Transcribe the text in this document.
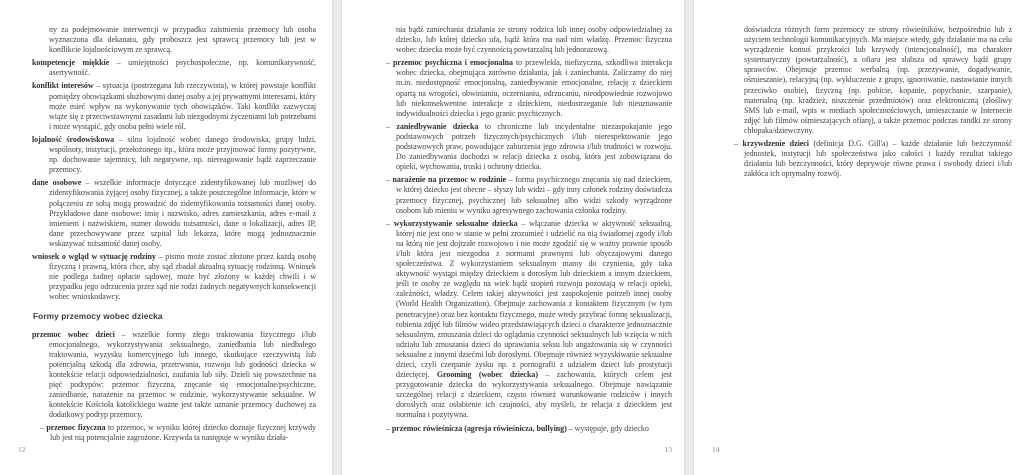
ny za podejmowanie interwencji w przypadku zaistnienia przemocy lub osoba wyznaczona dla dekanatu, gdy proboszcz jest sprawcą przemocy lub jest w konflikcie lojalnościowym ze sprawcą.

kompetencje miękkie – umiejętności psychospołeczne, np. komunikatywność, asertywność.

konflikt interesów – sytuacja (postrzegana lub rzeczywista), w której powstaje konflikt pomiędzy obowiązkami służbowymi danej osoby a jej prywatnymi interesami, który może mieć wpływ na wykonywanie tych obowiązków. Taki konflikt zazwyczaj wiąże się z przeciwstawnymi zasadami lub niezgodnymi życzeniami lub potrzebami i może wystąpić, gdy osoba pełni wiele ról.

lojalność środowiskowa – silna lojalność wobec danego środowiska, grupy ludzi, wspólnoty, instytucji, przełożonego itp., która może przyjmować formy pozytywne, np. dochowanie tajemnicy, lub negatywne, np. niereagowanie bądź zaprzeczanie przemocy.

dane osobowe – wszelkie informacje dotyczące zidentyfikowanej lub możliwej do zidentyfikowania żyjącej osoby fizycznej, a także poszczególne informacje, które w połączeniu ze sobą mogą prowadzić do zidentyfikowania tożsamości danej osoby. Przykładowe dane osobowe: imię i nazwisko, adres zamieszkania, adres e-mail z imieniem i nazwiskiem, numer dowodu tożsamości, dane o lokalizacji, adres IP, dane przechowywane przez szpital lub lekarza, które mogą jednoznacznie wskazywać tożsamość danej osoby.

wniosek o wgląd w sytuację rodziny – pismo może zostać złożone przez każdą osobę fizyczną i prawną, która chce, aby sąd zbadał aktualną sytuację rodzinną. Wniosek nie podlega żadnej opłacie sądowej, może być złożony w każdej chwili i w przypadku jego odrzucenia przez sąd nie rodzi żadnych negatywnych konsekwencji wobec wnioskodawcy.

Formy przemocy wobec dziecka

przemoc wobec dzieci – wszelkie formy złego traktowania fizycznego i/lub emocjonalnego, wykorzystywania seksualnego, zaniedbania lub niedbałego traktowania, wyzysku komercyjnego lub innego, skutkujące rzeczywistą lub potencjalną szkodą dla zdrowia, przetrwania, rozwoju lub godności dziecka w kontekście relacji odpowiedzialności, zaufania lub siły. Dzieli się powszechnie na pięć podtypów: przemoc fizyczna, znęcanie się emocjonalne/psychiczne, zaniedbanie, narażenie na przemoc w rodzinie, wykorzystywanie seksualne. W kontekście Kościoła katolickiego ważne jest także uznanie przemocy duchowej za dodatkowy podtyp przemocy.

– przemoc fizyczna to przemoc, w wyniku której dziecko doznaje fizycznej krzywdy lub jest nią potencjalnie zagrożone. Krzywda ta następuje w wyniku działa-

12

nia bądź zaniechania działania ze strony rodzica lub innej osoby odpowiedzialnej za dziecko, lub której dziecko ufa, bądź która ma nad nim władzę. Przemoc fizyczna wobec dziecka może być czynnością powtarzalną lub jednorazową.

– przemoc psychiczna i emocjonalna to przewlekła, niefizyczna, szkodliwa interakcja wobec dziecka, obejmująca zarówno działania, jak i zaniechania. Zaliczamy do niej m.in. niedostępność emocjonalną, zaniedbywanie emocjonalne, relację z dzieckiem opartą na wrogości, obwinianiu, oczernianiu, odrzucaniu, nieodpowiednie rozwojowo lub niekonsekwentne interakcje z dzieckiem, niedostrzeganie lub nieuznawanie indywidualności dziecka i jego granic psychicznych.

– zaniedbywanie dziecka to chroniczne lub incydentalne niezaspokajanie jego podstawowych potrzeb fizycznych/psychicznych i/lub nierespektowanie jego podstawowych praw, powodujące zaburzenia jego zdrowia i/lub trudności w rozwoju. Do zaniedbywania dochodzi w relacji dziecka z osobą, która jest zobowiązana do opieki, wychowania, troski i ochrony dziecka.

– narażenie na przemoc w rodzinie – forma psychicznego znęcania się nad dzieckiem, w której dziecko jest obecne – słyszy lub widzi – gdy inny członek rodziny doświadcza przemocy fizycznej, psychicznej lub seksualnej albo widzi szkody wyrządzone osobom lub mieniu w wyniku agresywnego zachowania członka rodziny.

– wykorzystywanie seksualne dziecka – włączanie dziecka w aktywność seksualną, której nie jest ono w stanie w pełni zrozumieć i udzielić na nią świadomej zgody i/lub na którą nie jest dojrzałe rozwojowo i nie może zgodzić się w ważny prawnie sposób i/lub która jest niezgodna z normami prawnymi lub obyczajowymi danego społeczeństwa. Z wykorzystaniem seksualnym mamy do czynienia, gdy taka aktywność wystąpi między dzieckiem a dorosłym lub dzieckiem a innym dzieckiem, jeśli te osoby ze względu na wiek bądź stopień rozwoju pozostają w relacji opieki, zależności, władzy. Celem takiej aktywności jest zaspokojenie potrzeb innej osoby (World Health Organization). Obejmuje zachowania z kontaktem fizycznym (w tym penetracyjne) oraz bez kontaktu fizycznego, może wtedy przybrać formę seksualizacji, robienia zdjęć lub filmów wideo przedstawiających dzieci o charakterze jednoznacznie seksualnym, zmuszania dzieci do oglądania czynności seksualnych lub wzięcia w nich udziału lub zmuszania dzieci do uprawiania seksu lub angażowania się w czynności seksualne z innymi dziećmi lub dorosłymi. Obejmuje również wyzyskiwanie seksualne dzieci, czyli czerpanie zysku np. z pornografii z udziałem dzieci lub prostytucji dziecięcej. Grooming (wobec dziecka) – zachowania, których celem jest przygotowanie dziecka do wykorzystywania seksualnego. Obejmuje nawiązanie szczególnej relacji z dzieckiem, często również warunkowanie rodziców i innych dorosłych oraz osłabienie ich czujności, aby myśleli, że relacja z dzieckiem jest normalna i pozytywna.

– przemoc rówieśnicza (agresja rówieśnicza, bullying) – występuje, gdy dziecko

13

doświadcza różnych form przemocy ze strony rówieśników, bezpośrednio lub z użyciem technologii komunikacyjnych. Ma miejsce wtedy, gdy działanie ma na celu wyrządzenie komuś przykrości lub krzywdy (intencjonalność), ma charakter systematyczny (powtarzalność), a ofiara jest słabsza od sprawcy bądź grupy sprawców. Obejmuje przemoc werbalną (np. przezywanie, dogadywanie, ośmieszanie), relacyjną (np. wykluczenie z grupy, ignorowanie, nastawianie innych przeciwko osobie), fizyczną (np. pobicie, kopanie, popychanie, szarpanie), materialną (np. kradzież, niszczenie przedmiotów) oraz elektroniczną (złośliwy SMS lub e-mail, wpis w mediach społecznościowych, umieszczanie w Internecie zdjęć lub filmów ośmieszających ofiarę), a także przemoc podczas randki ze strony chłopaka/dziewczyny.

– krzywdzenie dzieci (definicja D.G. Gill'a) – każde działanie lub bezczynność jednostek, instytucji lub społeczeństwa jako całości i każdy rezultat takiego działania lub bezczynności, który deprywuje równe prawa i swobody dzieci i/lub zakłóca ich optymalny rozwój.

14
